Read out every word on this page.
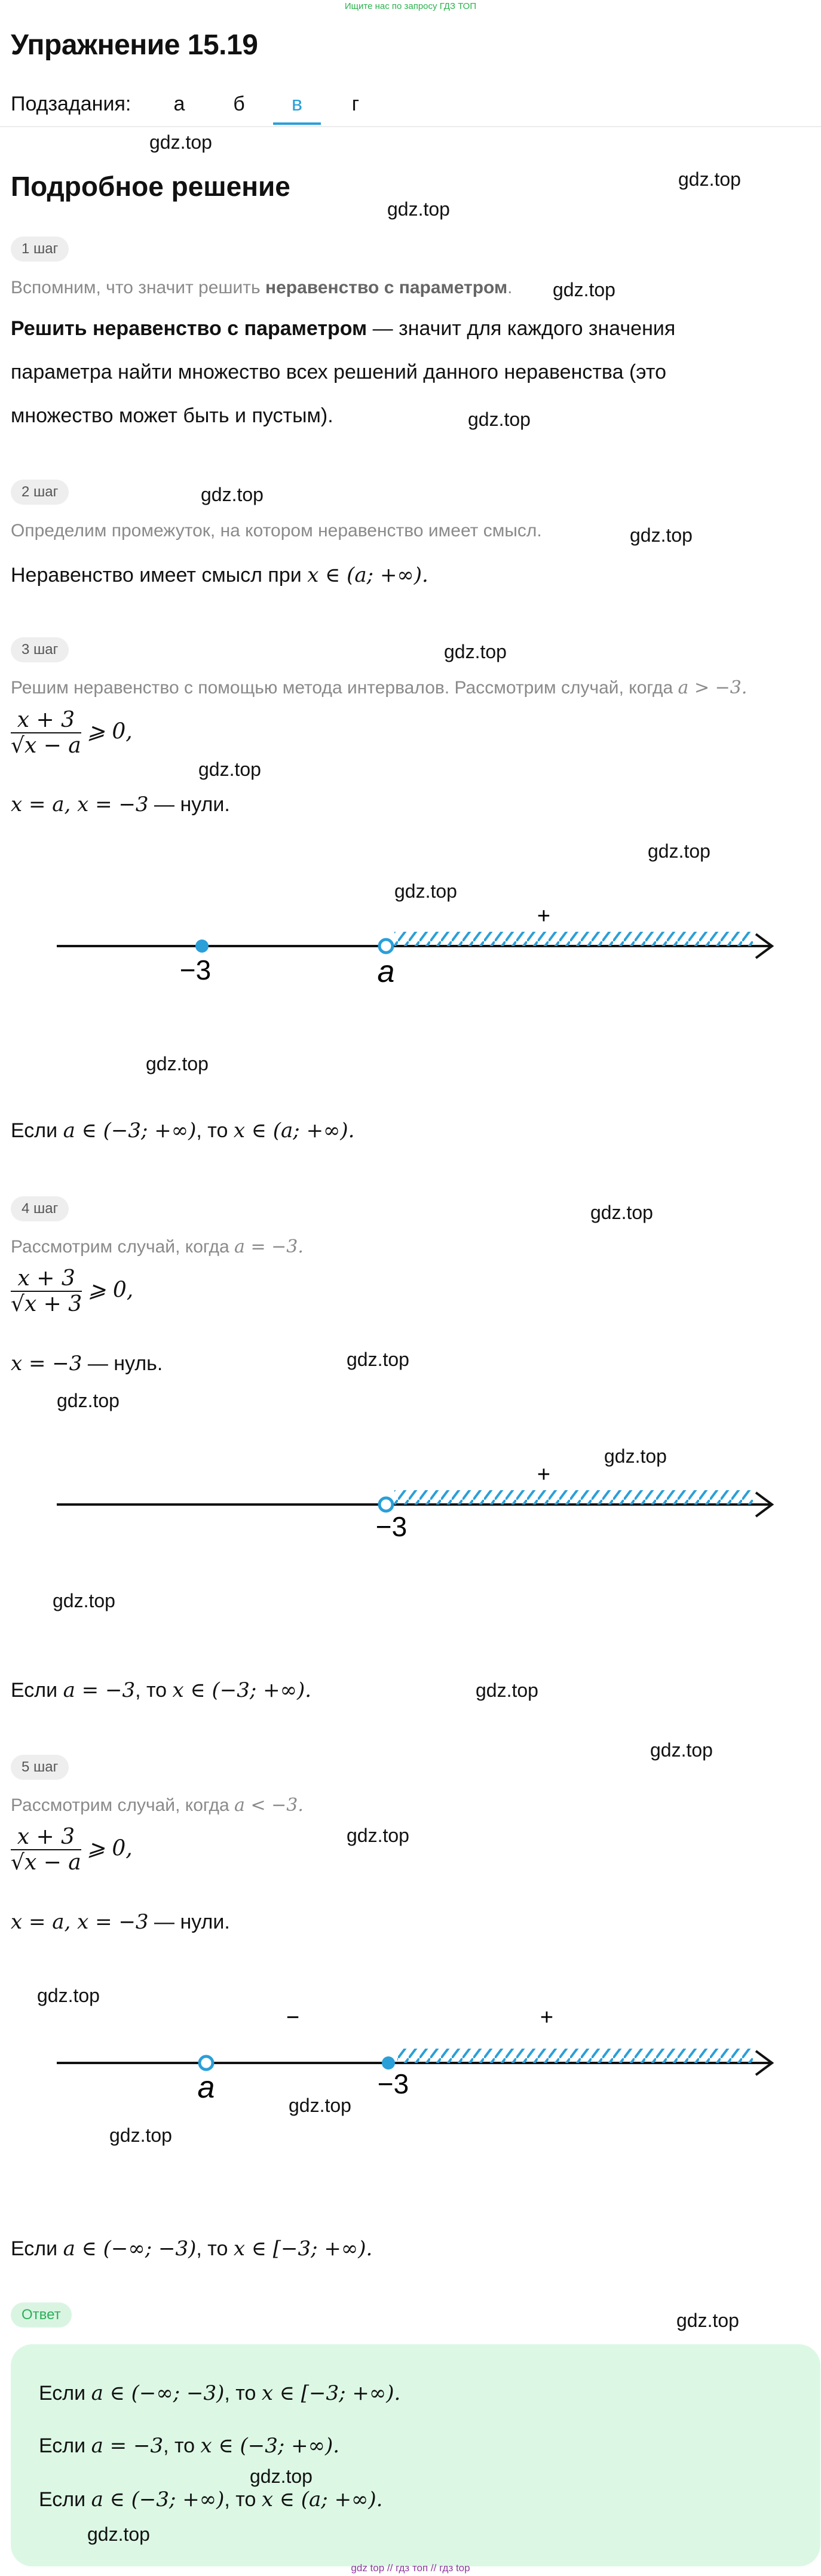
Ищите нас по запросу ГДЗ ТОП
Упражнение 15.19
Подзадания:	а	б	в	г
Подробное решение
gdz.top
gdz.top
gdz.top
gdz.top
gdz.top
gdz.top
gdz.top
gdz.top
gdz.top
gdz.top
gdz.top
gdz.top
gdz.top
gdz.top
gdz.top
gdz.top
gdz.top
gdz.top
gdz.top
gdz.top
gdz.top
gdz.top
gdz.top
gdz.top
1 шаг
Вспомним, что значит решить неравенство с параметром.
Решить неравенство с параметром — значит для каждого значения
параметра найти множество всех решений данного неравенства (это
множество может быть и пустым).
2 шаг
Определим промежуток, на котором неравенство имеет смысл.
Неравенство имеет смысл при x ∈ (a; +∞).
3 шаг
Решим неравенство с помощью метода интервалов. Рассмотрим случай, когда a > −3.
$\frac{x + 3}{√x - a}$ ⩾ 0,
x = a, x = −3 — нули.
+
−3	a
Если a ∈ (−3; +∞), то x ∈ (a; +∞).
4 шаг
Рассмотрим случай, когда a = −3.
$\frac{x + 3}{√x + 3}$ ⩾ 0,
x = −3 — нуль.
+
−3
Если a = −3, то x ∈ (−3; +∞).
5 шаг
Рассмотрим случай, когда a < −3.
$\frac{x + 3}{√x - a}$ ⩾ 0,
x = a, x = −3 — нули.
−	+
a	−3
Если a ∈ (−∞; −3), то x ∈ [−3; +∞).
Ответ
Если a ∈ (−∞; −3), то x ∈ [−3; +∞).
Если a = −3, то x ∈ (−3; +∞).
Если a ∈ (−3; +∞), то x ∈ (a; +∞).
gdz.top
gdz.top
gdz top // гдз топ // гдз top
